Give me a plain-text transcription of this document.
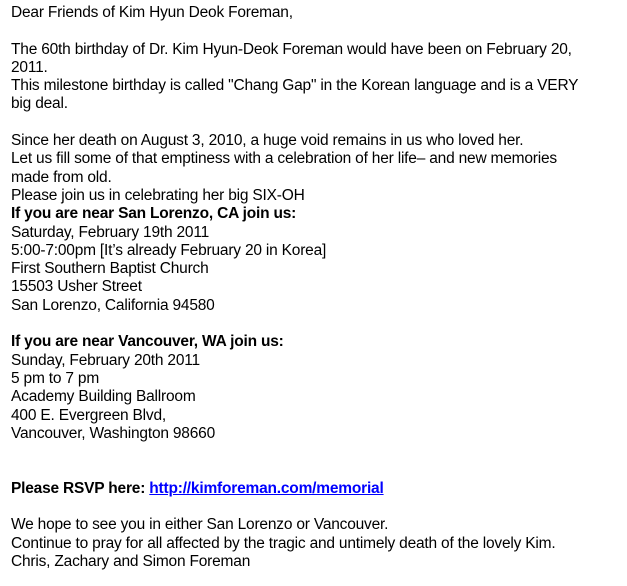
Dear Friends of Kim Hyun Deok Foreman,

The 60th birthday of Dr. Kim Hyun-Deok Foreman would have been on February 20,

2011.

This milestone birthday is called "Chang Gap" in the Korean language and is a VERY

big deal.

Since her death on August 3, 2010, a huge void remains in us who loved her.

Let us fill some of that emptiness with a celebration of her life– and new memories

made from old.

Please join us in celebrating her big SIX-OH

If you are near San Lorenzo, CA join us:

Saturday, February 19th 2011

5:00-7:00pm [It’s already February 20 in Korea]

First Southern Baptist Church

15503 Usher Street

San Lorenzo, California 94580

If you are near Vancouver, WA join us:

Sunday, February 20th 2011

5 pm to 7 pm

Academy Building Ballroom

400 E. Evergreen Blvd,

Vancouver, Washington 98660

Please RSVP here: http://kimforeman.com/memorial

We hope to see you in either San Lorenzo or Vancouver.

Continue to pray for all affected by the tragic and untimely death of the lovely Kim.

Chris, Zachary and Simon Foreman
